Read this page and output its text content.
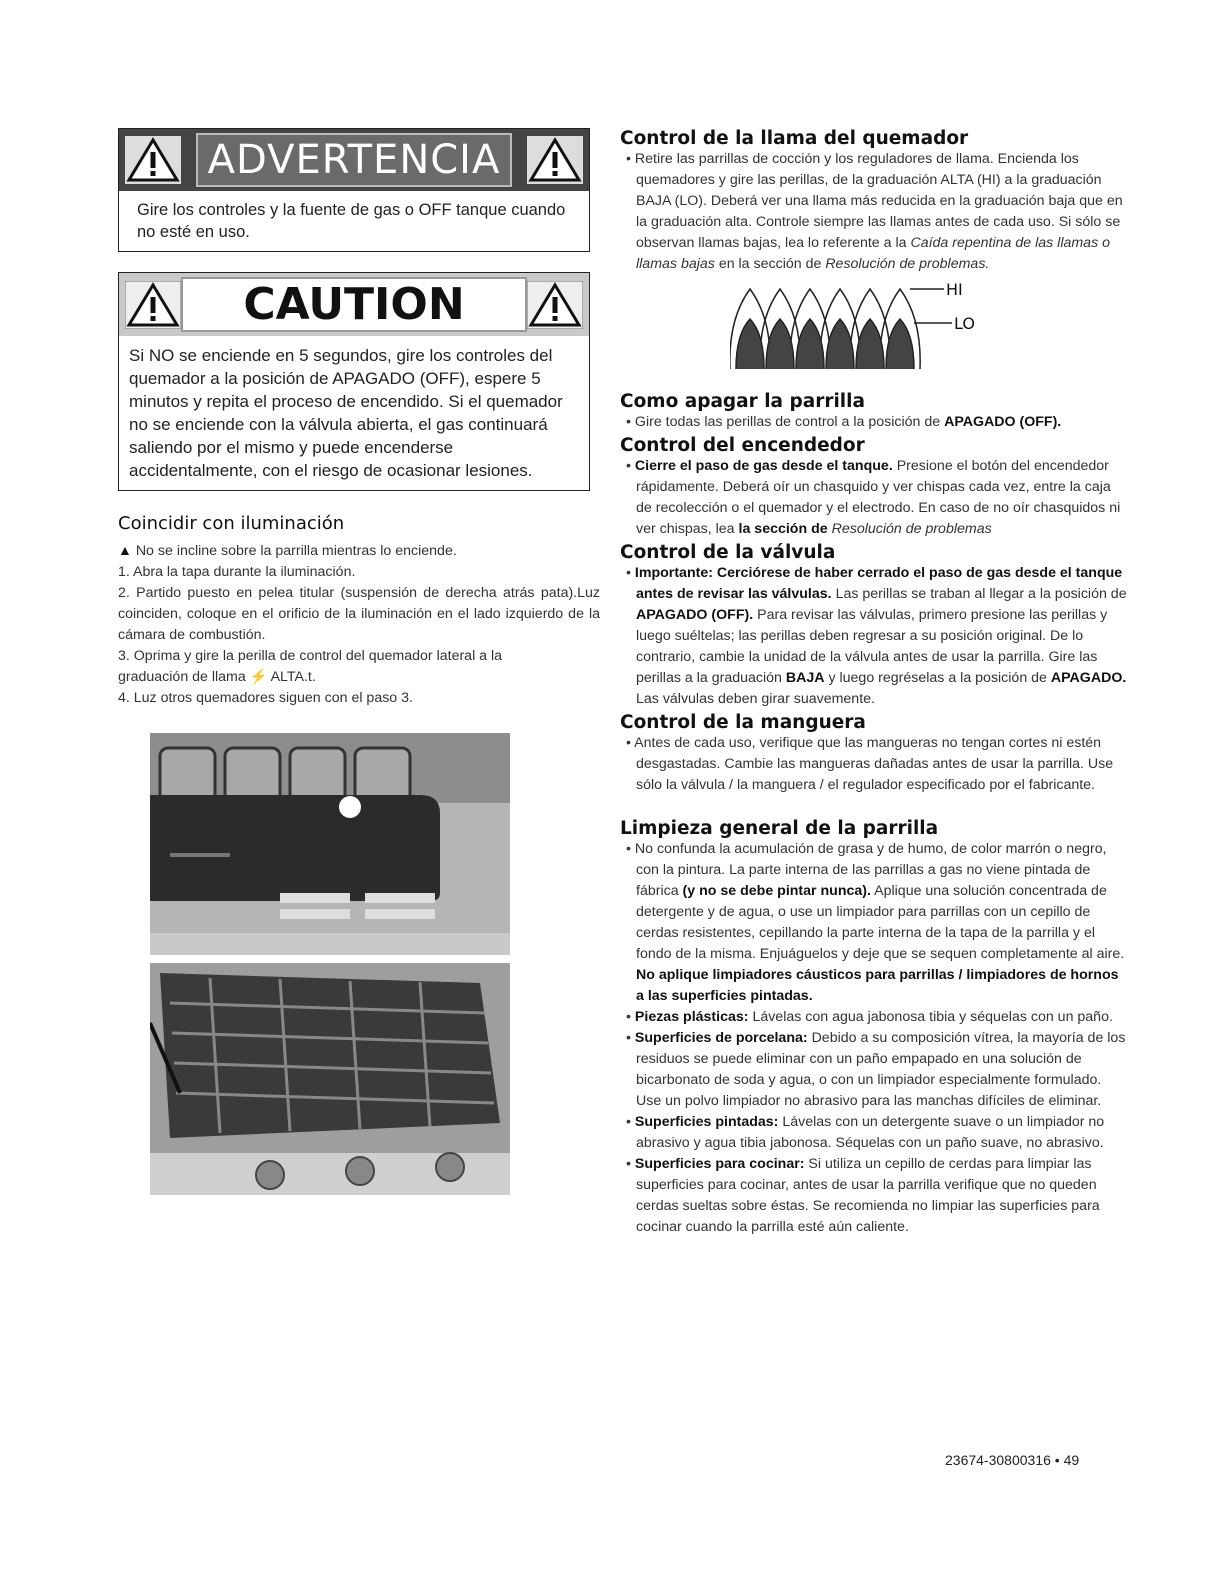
ADVERTENCIA
Gire los controles y la fuente de gas o OFF tanque cuando no esté en uso.
CAUTION
Si NO se enciende en 5 segundos, gire los controles del quemador a la posición de APAGADO (OFF), espere 5 minutos y repita el proceso de encendido. Si el quemador no se enciende con la válvula abierta, el gas continuará saliendo por el mismo y puede encenderse accidentalmente, con el riesgo de ocasionar lesiones.
Coincidir con iluminación

▲ No se incline sobre la parrilla mientras lo enciende.

1. Abra la tapa durante la iluminación.

2. Partido puesto en pelea titular (suspensión de derecha atrás pata).Luz coinciden, coloque en el orificio de la iluminación en el lado izquierdo de la cámara de combustión.

3. Oprima y gire la perilla de control del quemador lateral a la
graduación de llama ⚡ ALTA.t.

4. Luz otros quemadores siguen con el paso 3.

Control de la llama del quemador

• Retire las parrillas de cocción y los reguladores de llama. Encienda los quemadores y gire las perillas, de la graduación ALTA (HI) a la graduación BAJA (LO). Deberá ver una llama más reducida en la graduación baja que en la graduación alta. Controle siempre las llamas antes de cada uso. Si sólo se observan llamas bajas, lea lo referente a la Caída repentina de las llamas o llamas bajas en la sección de Resolución de problemas.

HI
LO
Como apagar la parrilla

• Gire todas las perillas de control a la posición de APAGADO (OFF).

Control del encendedor

• Cierre el paso de gas desde el tanque. Presione el botón del encendedor rápidamente. Deberá oír un chasquido y ver chispas cada vez, entre la caja de recolección o el quemador y el electrodo. En caso de no oír chasquidos ni ver chispas, lea la sección de Resolución de problemas

Control de la válvula

• Importante: Cerciórese de haber cerrado el paso de gas desde el tanque antes de revisar las válvulas. Las perillas se traban al llegar a la posición de APAGADO (OFF). Para revisar las válvulas, primero presione las perillas y luego suéltelas; las perillas deben regresar a su posición original. De lo contrario, cambie la unidad de la válvula antes de usar la parrilla. Gire las perillas a la graduación BAJA y luego regréselas a la posición de APAGADO. Las válvulas deben girar suavemente.

Control de la manguera

• Antes de cada uso, verifique que las mangueras no tengan cortes ni estén desgastadas. Cambie las mangueras dañadas antes de usar la parrilla. Use sólo la válvula / la manguera / el regulador especificado por el fabricante.

Limpieza general de la parrilla

• No confunda la acumulación de grasa y de humo, de color marrón o negro, con la pintura. La parte interna de las parrillas a gas no viene pintada de fábrica (y no se debe pintar nunca). Aplique una solución concentrada de detergente y de agua, o use un limpiador para parrillas con un cepillo de cerdas resistentes, cepillando la parte interna de la tapa de la parrilla y el fondo de la misma. Enjuáguelos y deje que se sequen completamente al aire. No aplique limpiadores cáusticos para parrillas / limpiadores de hornos a las superficies pintadas.

• Piezas plásticas: Lávelas con agua jabonosa tibia y séquelas con un paño.

• Superficies de porcelana: Debido a su composición vítrea, la mayoría de los residuos se puede eliminar con un paño empapado en una solución de bicarbonato de soda y agua, o con un limpiador especialmente formulado. Use un polvo limpiador no abrasivo para las manchas difíciles de eliminar.

• Superficies pintadas: Lávelas con un detergente suave o un limpiador no abrasivo y agua tibia jabonosa. Séquelas con un paño suave, no abrasivo.

• Superficies para cocinar: Si utiliza un cepillo de cerdas para limpiar las superficies para cocinar, antes de usar la parrilla verifique que no queden cerdas sueltas sobre éstas. Se recomienda no limpiar las superficies para cocinar cuando la parrilla esté aún caliente.

23674-30800316 • 49
